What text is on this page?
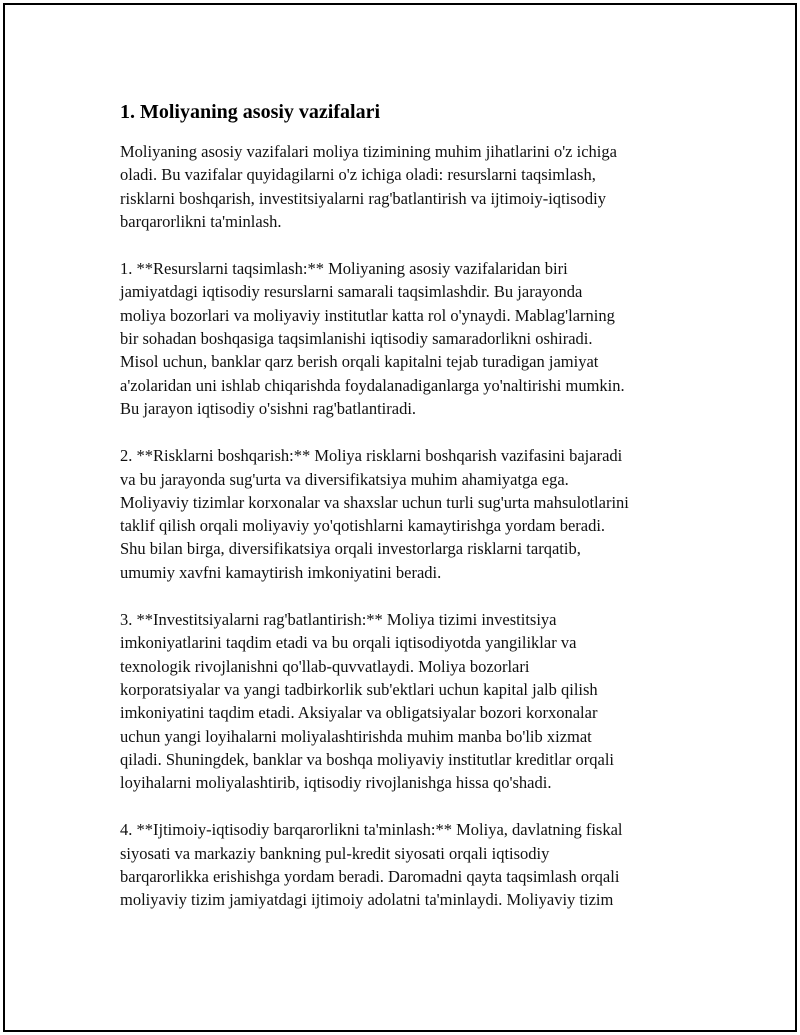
1. Moliyaning asosiy vazifalari

Moliyaning asosiy vazifalari moliya tizimining muhim jihatlarini o'z ichiga
oladi. Bu vazifalar quyidagilarni o'z ichiga oladi: resurslarni taqsimlash,
risklarni boshqarish, investitsiyalarni rag'batlantirish va ijtimoiy-iqtisodiy
barqarorlikni ta'minlash.

1. **Resurslarni taqsimlash:** Moliyaning asosiy vazifalaridan biri
jamiyatdagi iqtisodiy resurslarni samarali taqsimlashdir. Bu jarayonda
moliya bozorlari va moliyaviy institutlar katta rol o'ynaydi. Mablag'larning
bir sohadan boshqasiga taqsimlanishi iqtisodiy samaradorlikni oshiradi.
Misol uchun, banklar qarz berish orqali kapitalni tejab turadigan jamiyat
a'zolaridan uni ishlab chiqarishda foydalanadiganlarga yo'naltirishi mumkin.
Bu jarayon iqtisodiy o'sishni rag'batlantiradi.

2. **Risklarni boshqarish:** Moliya risklarni boshqarish vazifasini bajaradi
va bu jarayonda sug'urta va diversifikatsiya muhim ahamiyatga ega.
Moliyaviy tizimlar korxonalar va shaxslar uchun turli sug'urta mahsulotlarini
taklif qilish orqali moliyaviy yo'qotishlarni kamaytirishga yordam beradi.
Shu bilan birga, diversifikatsiya orqali investorlarga risklarni tarqatib,
umumiy xavfni kamaytirish imkoniyatini beradi.

3. **Investitsiyalarni rag'batlantirish:** Moliya tizimi investitsiya
imkoniyatlarini taqdim etadi va bu orqali iqtisodiyotda yangiliklar va
texnologik rivojlanishni qo'llab-quvvatlaydi. Moliya bozorlari
korporatsiyalar va yangi tadbirkorlik sub'ektlari uchun kapital jalb qilish
imkoniyatini taqdim etadi. Aksiyalar va obligatsiyalar bozori korxonalar
uchun yangi loyihalarni moliyalashtirishda muhim manba bo'lib xizmat
qiladi. Shuningdek, banklar va boshqa moliyaviy institutlar kreditlar orqali
loyihalarni moliyalashtirib, iqtisodiy rivojlanishga hissa qo'shadi.

4. **Ijtimoiy-iqtisodiy barqarorlikni ta'minlash:** Moliya, davlatning fiskal
siyosati va markaziy bankning pul-kredit siyosati orqali iqtisodiy
barqarorlikka erishishga yordam beradi. Daromadni qayta taqsimlash orqali
moliyaviy tizim jamiyatdagi ijtimoiy adolatni ta'minlaydi. Moliyaviy tizim
